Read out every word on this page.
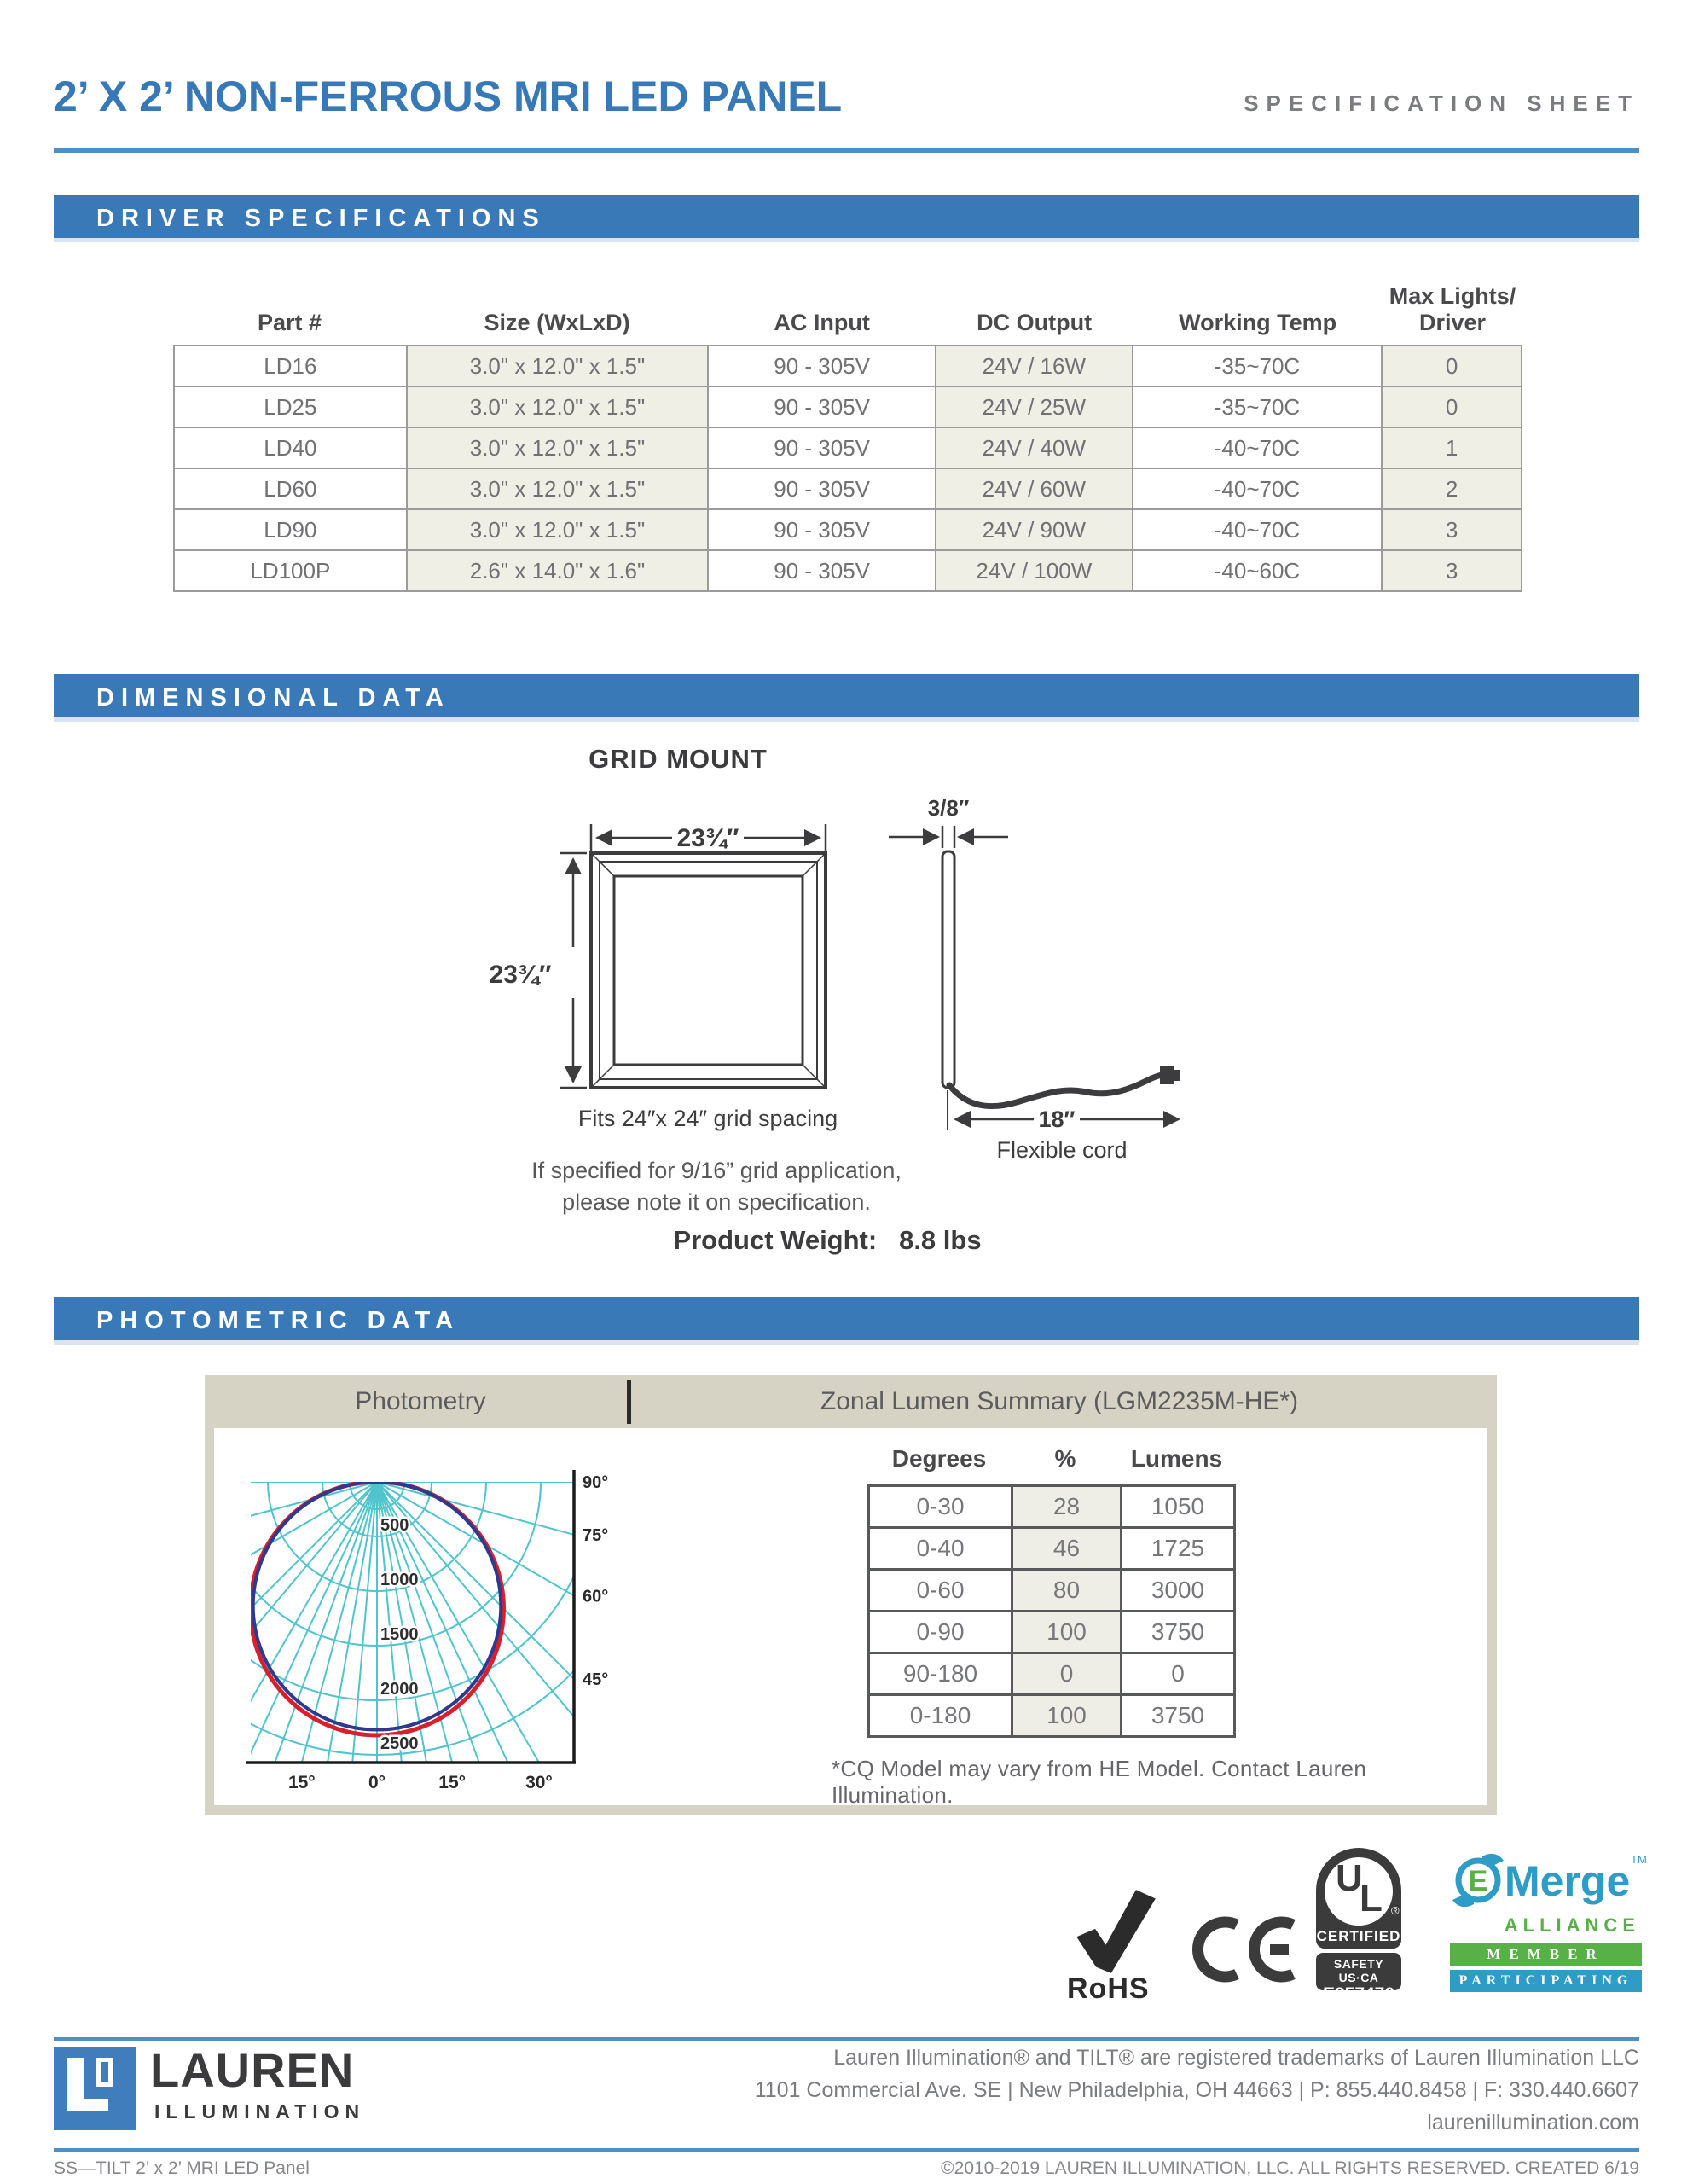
2’ X 2’ NON-FERROUS MRI LED PANEL	SPECIFICATION SHEET
DRIVER SPECIFICATIONS
Part #	Size (WxLxD)	AC Input	DC Output	Working Temp
Max Lights/
Driver
LD16	3.0" x 12.0" x 1.5"	90 - 305V	24V / 16W	-35~70C	0
LD25	3.0" x 12.0" x 1.5"	90 - 305V	24V / 25W	-35~70C	0
LD40	3.0" x 12.0" x 1.5"	90 - 305V	24V / 40W	-40~70C	1
LD60	3.0" x 12.0" x 1.5"	90 - 305V	24V / 60W	-40~70C	2
LD90	3.0" x 12.0" x 1.5"	90 - 305V	24V / 90W	-40~70C	3
LD100P	2.6" x 14.0" x 1.6"	90 - 305V	24V / 100W	-40~60C	3
DIMENSIONAL DATA
GRID MOUNT
23¾″
23¾″
3/8″
18″
Flexible cord
Fits 24″x 24″ grid spacing
If specified for 9/16” grid application,
please note it on specification.
Product Weight: 8.8 lbs
PHOTOMETRIC DATA
Photometry	Zonal Lumen Summary (LGM2235M-HE*)
500
1000
1500
2000
2500
90°
75°
60°
45°
15°	0°	15°	30°
Degrees	%	Lumens
0-30	28	1050
0-40	46	1725
0-60	80	3000
0-90	100	3750
90-180	0	0
0-180	100	3750
*CQ Model may vary from HE Model. Contact Lauren Illumination.
RoHS
U
L ®
CERTIFIED
SAFETY US·CA
E357470
E Merge TM
ALLIANCE
MEMBER
PARTICIPATING
LAUREN
ILLUMINATION
Lauren Illumination® and TILT® are registered trademarks of Lauren Illumination LLC
1101 Commercial Ave. SE | New Philadelphia, OH 44663 | P: 855.440.8458 | F: 330.440.6607
laurenillumination.com
SS—TILT 2’ x 2’ MRI LED Panel	©2010-2019 LAUREN ILLUMINATION, LLC. ALL RIGHTS RESERVED. CREATED 6/19
